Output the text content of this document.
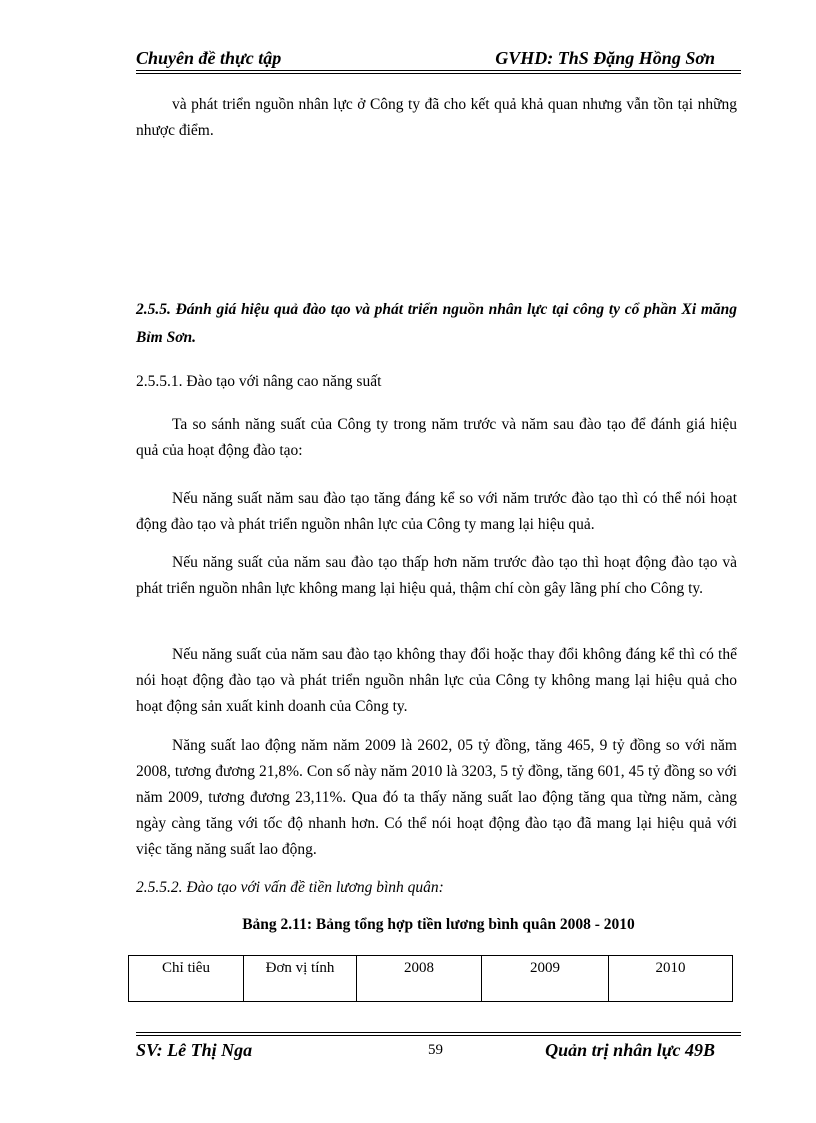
Chuyên đề thực tập	GVHD: ThS Đặng Hồng Sơn

và phát triển nguồn nhân lực ở Công ty đã cho kết quả khả quan nhưng vẫn tồn tại những nhược điểm.

2.5.5. Đánh giá hiệu quả đào tạo và phát triển nguồn nhân lực tại công ty cổ phần Xi măng Bỉm Sơn.

2.5.5.1. Đào tạo với nâng cao năng suất

Ta so sánh năng suất của Công ty trong năm trước và năm sau đào tạo để đánh giá hiệu quả của hoạt động đào tạo:

Nếu năng suất năm sau đào tạo tăng đáng kể so với năm trước đào tạo thì có thể nói hoạt động đào tạo và phát triển nguồn nhân lực của Công ty mang lại hiệu quả.

Nếu năng suất của năm sau đào tạo thấp hơn năm trước đào tạo thì hoạt động đào tạo và phát triển nguồn nhân lực không mang lại hiệu quả, thậm chí còn gây lãng phí cho Công ty.

Nếu năng suất của năm sau đào tạo không thay đổi hoặc thay đổi không đáng kể thì có thể nói hoạt động đào tạo và phát triển nguồn nhân lực của Công ty không mang lại hiệu quả cho hoạt động sản xuất kinh doanh của Công ty.

Năng suất lao động năm năm 2009 là 2602, 05 tỷ đồng, tăng 465, 9 tỷ đồng so với năm 2008, tương đương 21,8%. Con số này năm 2010 là 3203, 5 tỷ đồng, tăng 601, 45 tỷ đồng so với năm 2009, tương đương 23,11%. Qua đó ta thấy năng suất lao động tăng qua từng năm, càng ngày càng tăng với tốc độ nhanh hơn. Có thể nói hoạt động đào tạo đã mang lại hiệu quả với việc tăng năng suất lao động.

2.5.5.2. Đào tạo với vấn đề tiền lương bình quân:

Bảng 2.11: Bảng tổng hợp tiền lương bình quân 2008 - 2010
Chỉ tiêu	Đơn vị tính	2008	2009	2010
SV: Lê Thị Nga	59	Quản trị nhân lực 49B
